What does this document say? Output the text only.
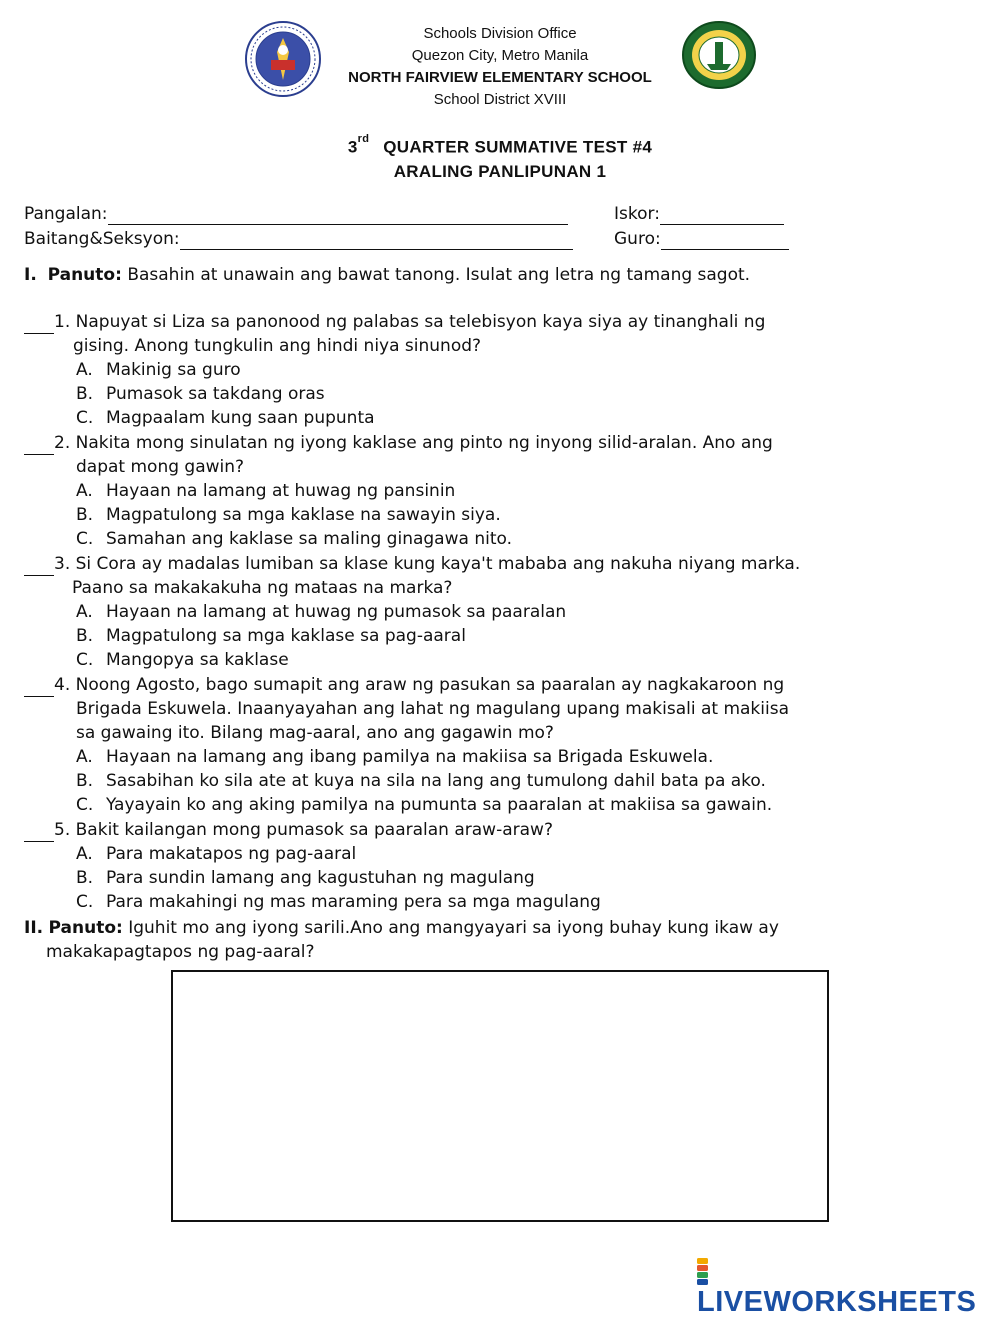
Schools Division Office
Quezon City, Metro Manila
NORTH FAIRVIEW ELEMENTARY SCHOOL
School District XVIII
3rd QUARTER SUMMATIVE TEST #4
ARALING PANLIPUNAN 1
Pangalan:	Iskor:
Baitang&Seksyon:	Guro:
I. Panuto: Basahin at unawain ang bawat tanong. Isulat ang letra ng tamang sagot.
1. Napuyat si Liza sa panonood ng palabas sa telebisyon kaya siya ay tinanghali ng
gising. Anong tungkulin ang hindi niya sinunod?
A. Makinig sa guro
B. Pumasok sa takdang oras
C. Magpaalam kung saan pupunta
2. Nakita mong sinulatan ng iyong kaklase ang pinto ng inyong silid-aralan. Ano ang
dapat mong gawin?
A. Hayaan na lamang at huwag ng pansinin
B. Magpatulong sa mga kaklase na sawayin siya.
C. Samahan ang kaklase sa maling ginagawa nito.
3. Si Cora ay madalas lumiban sa klase kung kaya't mababa ang nakuha niyang marka.
Paano sa makakakuha ng mataas na marka?
A. Hayaan na lamang at huwag ng pumasok sa paaralan
B. Magpatulong sa mga kaklase sa pag-aaral
C. Mangopya sa kaklase
4. Noong Agosto, bago sumapit ang araw ng pasukan sa paaralan ay nagkakaroon ng
Brigada Eskuwela. Inaanyayahan ang lahat ng magulang upang makisali at makiisa
sa gawaing ito. Bilang mag-aaral, ano ang gagawin mo?
A. Hayaan na lamang ang ibang pamilya na makiisa sa Brigada Eskuwela.
B. Sasabihan ko sila ate at kuya na sila na lang ang tumulong dahil bata pa ako.
C. Yayayain ko ang aking pamilya na pumunta sa paaralan at makiisa sa gawain.
5. Bakit kailangan mong pumasok sa paaralan araw-araw?
A. Para makatapos ng pag-aaral
B. Para sundin lamang ang kagustuhan ng magulang
C. Para makahingi ng mas maraming pera sa mga magulang
II. Panuto: Iguhit mo ang iyong sarili.Ano ang mangyayari sa iyong buhay kung ikaw ay
makakapagtapos ng pag-aaral?
LIVEWORKSHEETS
